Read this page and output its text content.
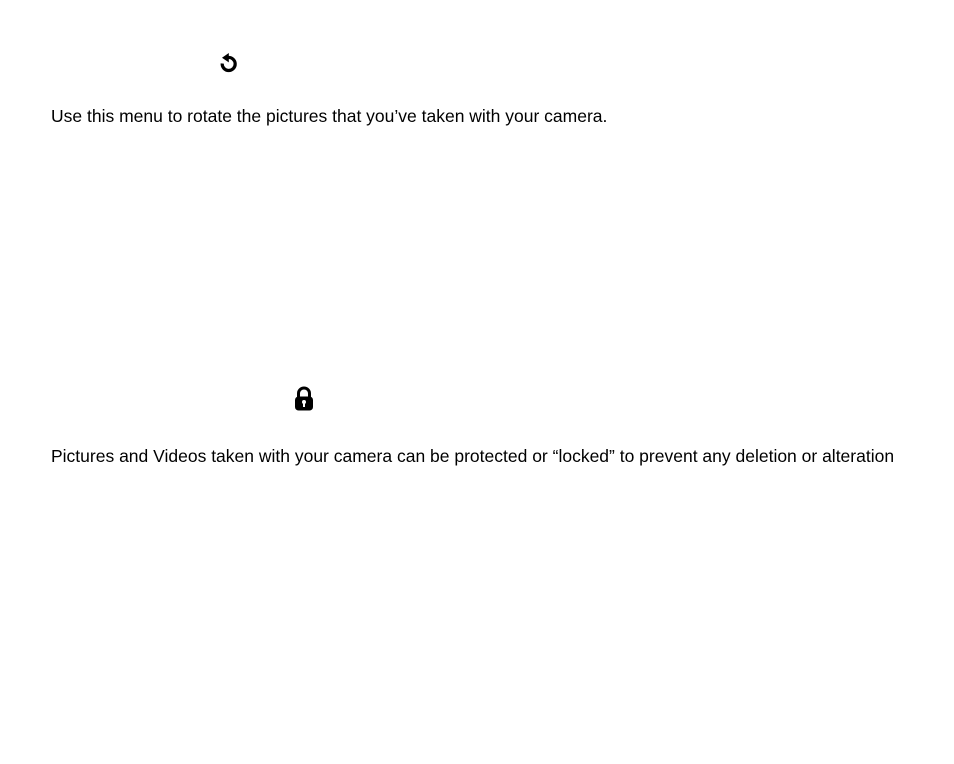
Use this menu to rotate the pictures that you’ve taken with your camera.

Pictures and Videos taken with your camera can be protected or “locked” to prevent any deletion or alteration
